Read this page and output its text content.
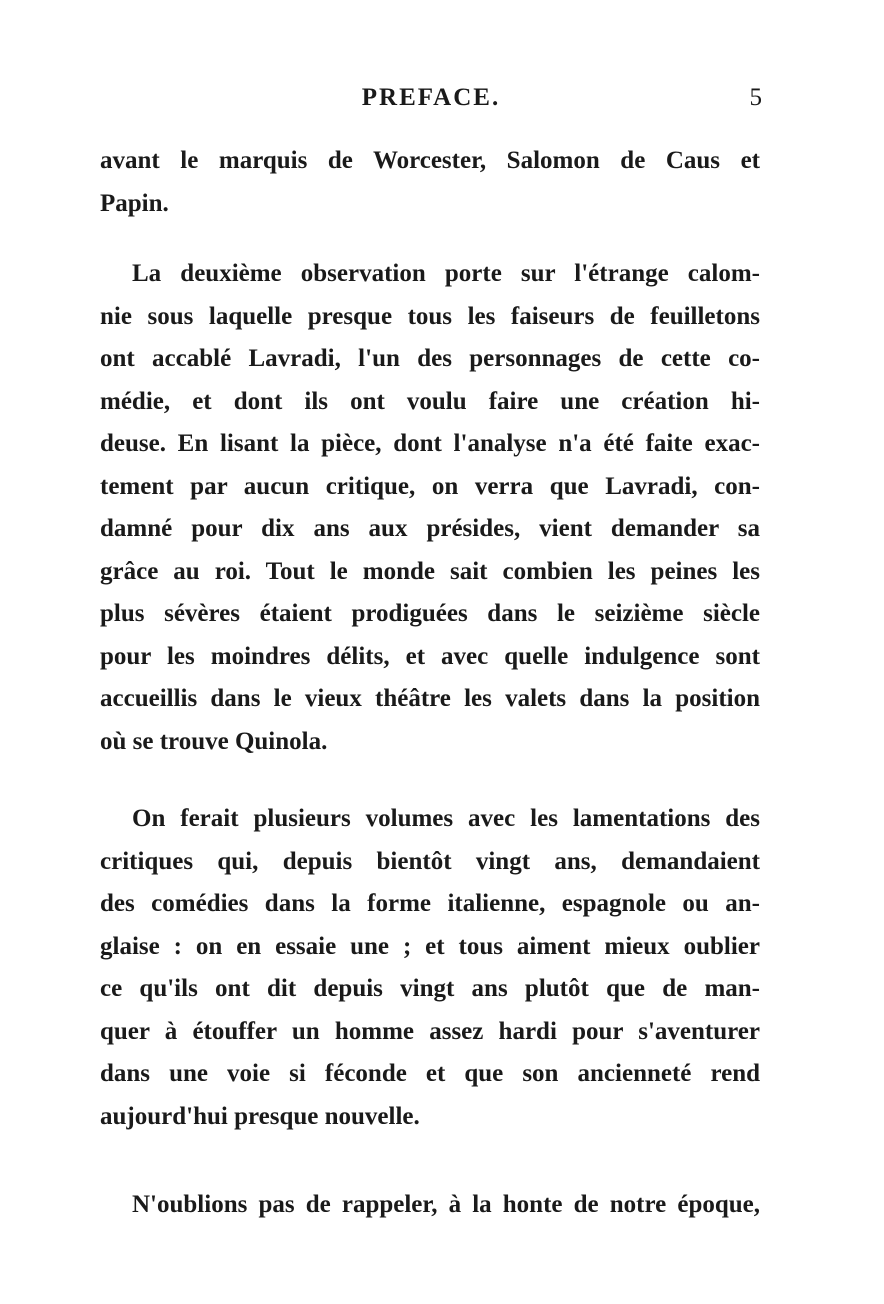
PREFACE.	5
avant le marquis de Worcester, Salomon de Caus et
Papin.
La deuxième observation porte sur l'étrange calom-
nie sous laquelle presque tous les faiseurs de feuilletons
ont accablé Lavradi, l'un des personnages de cette co-
médie, et dont ils ont voulu faire une création hi-
deuse. En lisant la pièce, dont l'analyse n'a été faite exac-
tement par aucun critique, on verra que Lavradi, con-
damné pour dix ans aux présides, vient demander sa
grâce au roi. Tout le monde sait combien les peines les
plus sévères étaient prodiguées dans le seizième siècle
pour les moindres délits, et avec quelle indulgence sont
accueillis dans le vieux théâtre les valets dans la position
où se trouve Quinola.
On ferait plusieurs volumes avec les lamentations des
critiques qui, depuis bientôt vingt ans, demandaient
des comédies dans la forme italienne, espagnole ou an-
glaise : on en essaie une ; et tous aiment mieux oublier
ce qu'ils ont dit depuis vingt ans plutôt que de man-
quer à étouffer un homme assez hardi pour s'aventurer
dans une voie si féconde et que son ancienneté rend
aujourd'hui presque nouvelle.
N'oublions pas de rappeler, à la honte de notre époque,
